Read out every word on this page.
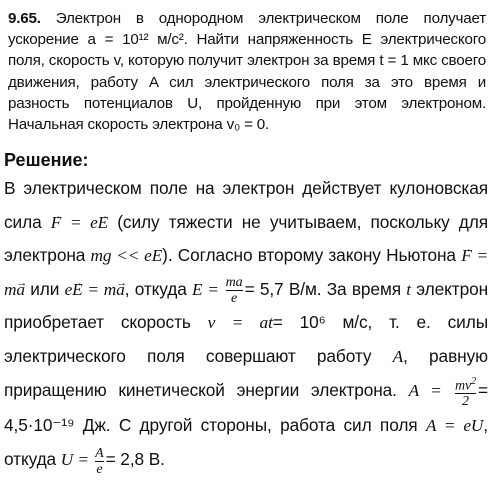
9.65. Электрон в однородном электрическом поле получает ускорение a = 10¹² м/с². Найти напряженность E электрического поля, скорость v, которую получит электрон за время t = 1 мкс своего движения, работу A сил электрического поля за это время и разность потенциалов U, пройденную при этом электроном. Начальная скорость электрона v₀ = 0.
Решение:
В электрическом поле на электрон действует кулоновская сила → F = e→ E (силу тяжести не учитываем, поскольку для электрона mg << eE). Согласно второму закону Ньютона → F = m→ a или e→ E = m→ a, откуда $E = \frac{ma}{e} = 5,7$ В/м. За время t электрон приобретает скорость v = at= 10⁶ м/с, т. е. силы электрического поля совершают работу A, равную приращению кинетической энергии электрона. $A = \frac{mv^2}{2} = 4,5\cdot 10^{-19}$ Дж. С другой стороны, работа сил поля A = eU, откуда $U = \frac{A}{e} = 2,8$ В.
